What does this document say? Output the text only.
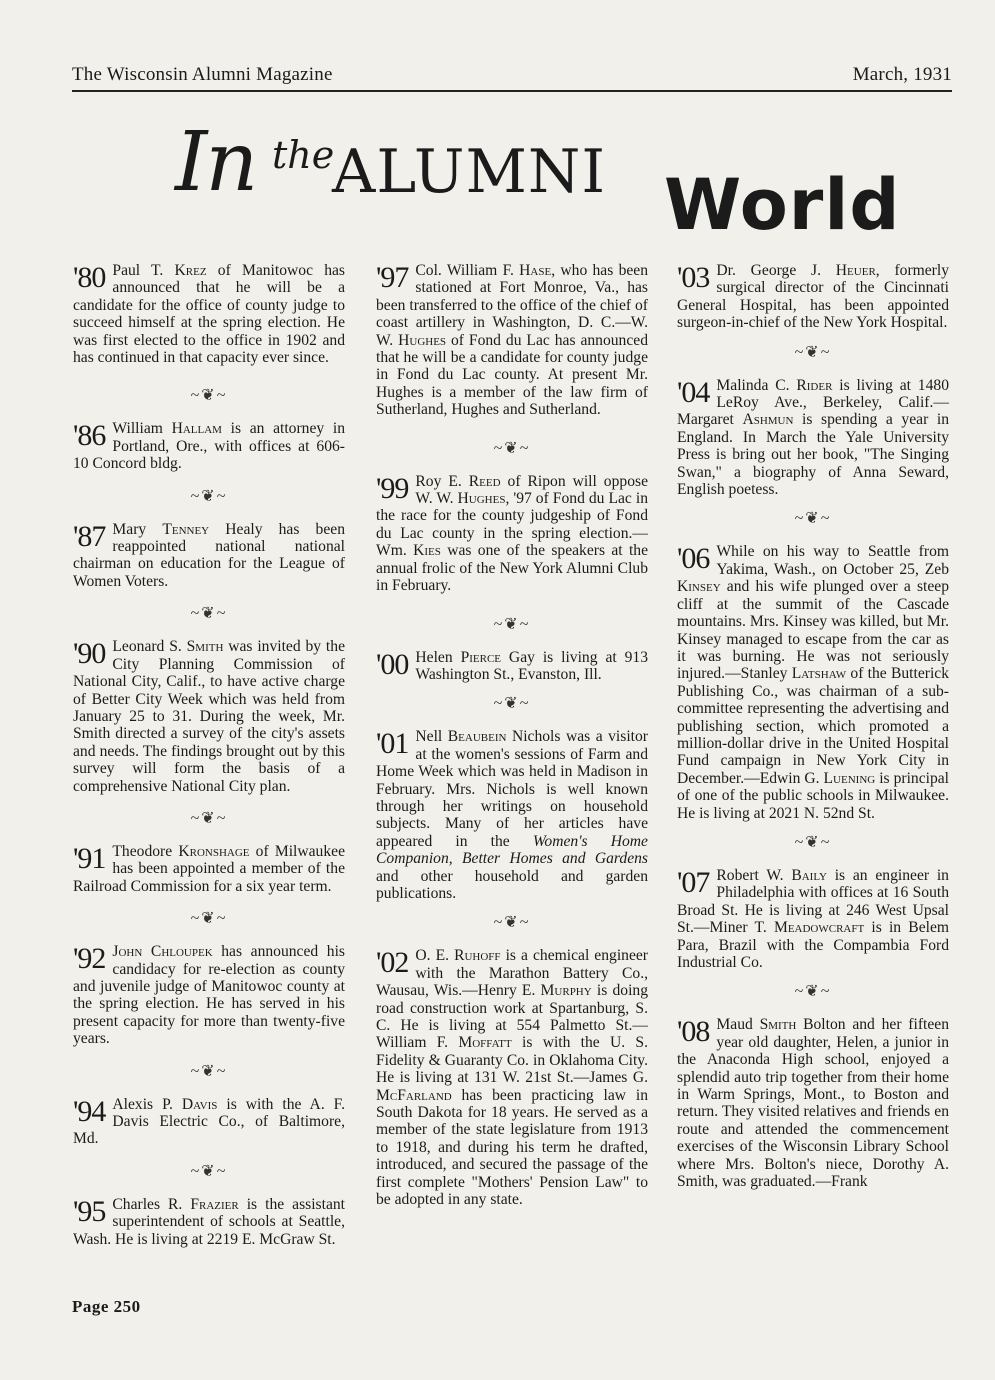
The Wisconsin Alumni Magazine	March, 1931
In the
ALUMNI World

'80 Paul T. Krez of Manitowoc has announced that he will be a candidate for the office of county judge to succeed himself at the spring election. He was first elected to the office in 1902 and has continued in that capacity ever since.

~❦~

'86 William Hallam is an attorney in Portland, Ore., with offices at 606-10 Concord bldg.

~❦~

'87 Mary Tenney Healy has been reappointed national national chairman on education for the League of Women Voters.

~❦~

'90 Leonard S. Smith was invited by the City Planning Commission of National City, Calif., to have active charge of Better City Week which was held from January 25 to 31. During the week, Mr. Smith directed a survey of the city's assets and needs. The findings brought out by this survey will form the basis of a comprehensive National City plan.

~❦~

'91 Theodore Kronshage of Milwaukee has been appointed a member of the Railroad Commission for a six year term.

~❦~

'92 John Chloupek has announced his candidacy for re-election as county and juvenile judge of Manitowoc county at the spring election. He has served in his present capacity for more than twenty-five years.

~❦~

'94 Alexis P. Davis is with the A. F. Davis Electric Co., of Baltimore, Md.

~❦~

'95 Charles R. Frazier is the assistant superintendent of schools at Seattle, Wash. He is living at 2219 E. McGraw St.

'97 Col. William F. Hase, who has been stationed at Fort Monroe, Va., has been transferred to the office of the chief of coast artillery in Washington, D. C.—W. W. Hughes of Fond du Lac has announced that he will be a candidate for county judge in Fond du Lac county. At present Mr. Hughes is a member of the law firm of Sutherland, Hughes and Sutherland.

~❦~

'99 Roy E. Reed of Ripon will oppose W. W. Hughes, '97 of Fond du Lac in the race for the county judgeship of Fond du Lac county in the spring election.—Wm. Kies was one of the speakers at the annual frolic of the New York Alumni Club in February.

~❦~

'00 Helen Pierce Gay is living at 913 Washington St., Evanston, Ill.

~❦~

'01 Nell Beaubein Nichols was a visitor at the women's sessions of Farm and Home Week which was held in Madison in February. Mrs. Nichols is well known through her writings on household subjects. Many of her articles have appeared in the Women's Home Companion, Better Homes and Gardens and other household and garden publications.

~❦~

'02 O. E. Ruhoff is a chemical engineer with the Marathon Battery Co., Wausau, Wis.—Henry E. Murphy is doing road construction work at Spartanburg, S. C. He is living at 554 Palmetto St.—William F. Moffatt is with the U. S. Fidelity & Guaranty Co. in Oklahoma City. He is living at 131 W. 21st St.—James G. McFarland has been practicing law in South Dakota for 18 years. He served as a member of the state legislature from 1913 to 1918, and during his term he drafted, introduced, and secured the passage of the first complete "Mothers' Pension Law" to be adopted in any state.

'03 Dr. George J. Heuer, formerly surgical director of the Cincinnati General Hospital, has been appointed surgeon-in-chief of the New York Hospital.

~❦~

'04 Malinda C. Rider is living at 1480 LeRoy Ave., Berkeley, Calif.—Margaret Ashmun is spending a year in England. In March the Yale University Press is bring out her book, "The Singing Swan," a biography of Anna Seward, English poetess.

~❦~

'06 While on his way to Seattle from Yakima, Wash., on October 25, Zeb Kinsey and his wife plunged over a steep cliff at the summit of the Cascade mountains. Mrs. Kinsey was killed, but Mr. Kinsey managed to escape from the car as it was burning. He was not seriously injured.—Stanley Latshaw of the Butterick Publishing Co., was chairman of a sub-committee representing the advertising and publishing section, which promoted a million-dollar drive in the United Hospital Fund campaign in New York City in December.—Edwin G. Luening is principal of one of the public schools in Milwaukee. He is living at 2021 N. 52nd St.

~❦~

'07 Robert W. Baily is an engineer in Philadelphia with offices at 16 South Broad St. He is living at 246 West Upsal St.—Miner T. Meadowcraft is in Belem Para, Brazil with the Compambia Ford Industrial Co.

~❦~

'08 Maud Smith Bolton and her fifteen year old daughter, Helen, a junior in the Anaconda High school, enjoyed a splendid auto trip together from their home in Warm Springs, Mont., to Boston and return. They visited relatives and friends en route and attended the commencement exercises of the Wisconsin Library School where Mrs. Bolton's niece, Dorothy A. Smith, was graduated.—Frank

Page 250
